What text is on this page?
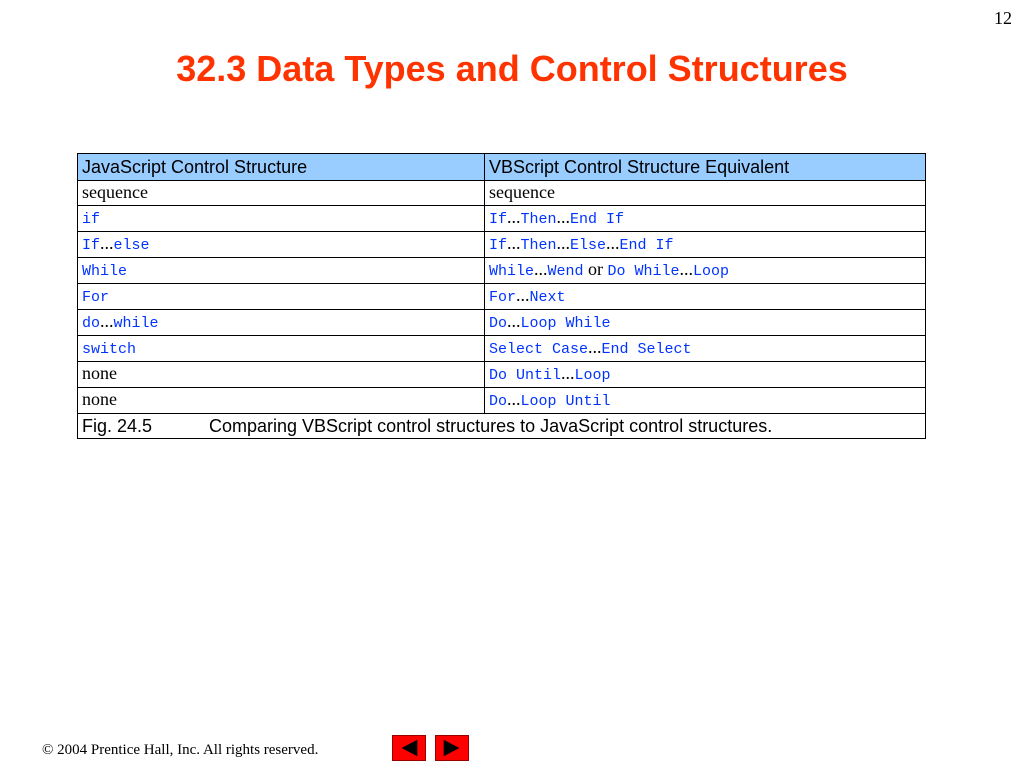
12
32.3 Data Types and Control Structures
JavaScript Control Structure	VBScript Control Structure Equivalent
sequence	sequence
if	If...Then...End If
If...else	If...Then...Else...End If
While	While...Wend or Do While...Loop
For	For...Next
do...while	Do...Loop While
switch	Select Case...End Select
none	Do Until...Loop
none	Do...Loop Until
Fig. 24.5 Comparing VBScript control structures to JavaScript control structures.	
© 2004 Prentice Hall, Inc. All rights reserved.
